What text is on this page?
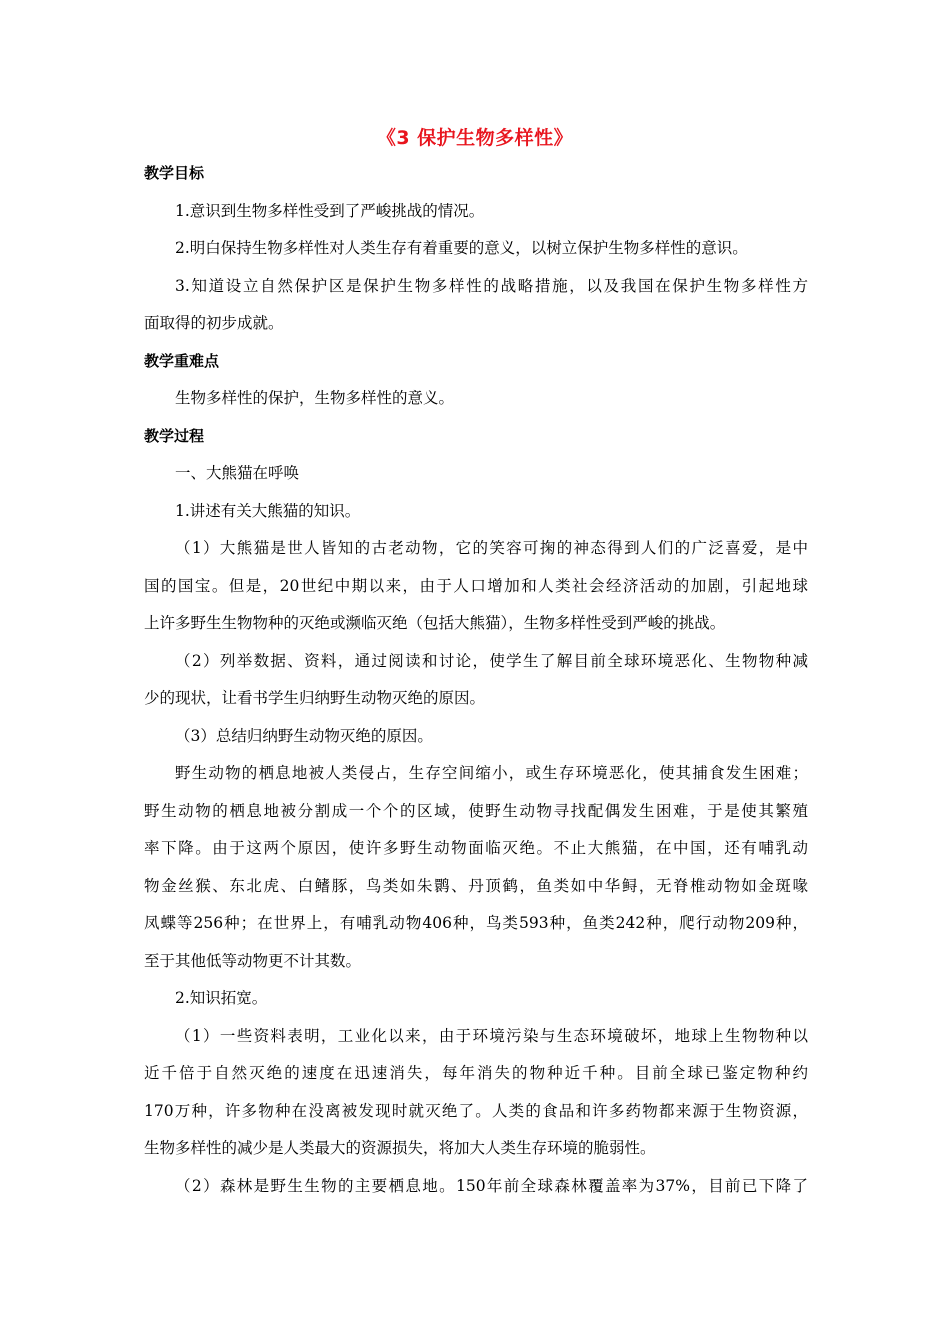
《3 保护生物多样性》
教学目标
1.意识到生物多样性受到了严峻挑战的情况。
2.明白保持生物多样性对人类生存有着重要的意义，以树立保护生物多样性的意识。
3.知道设立自然保护区是保护生物多样性的战略措施，以及我国在保护生物多样性方
面取得的初步成就。
教学重难点
生物多样性的保护，生物多样性的意义。
教学过程
一、大熊猫在呼唤
1.讲述有关大熊猫的知识。
（1）大熊猫是世人皆知的古老动物，它的笑容可掬的神态得到人们的广泛喜爱，是中
国的国宝。但是，20世纪中期以来，由于人口增加和人类社会经济活动的加剧，引起地球
上许多野生生物物种的灭绝或濒临灭绝（包括大熊猫），生物多样性受到严峻的挑战。
（2）列举数据、资料，通过阅读和讨论，使学生了解目前全球环境恶化、生物物种减
少的现状，让看书学生归纳野生动物灭绝的原因。
（3）总结归纳野生动物灭绝的原因。
野生动物的栖息地被人类侵占，生存空间缩小，或生存环境恶化，使其捕食发生困难；
野生动物的栖息地被分割成一个个的区域，使野生动物寻找配偶发生困难，于是使其繁殖
率下降。由于这两个原因，使许多野生动物面临灭绝。不止大熊猫，在中国，还有哺乳动
物金丝猴、东北虎、白鳍豚，鸟类如朱鹮、丹顶鹤，鱼类如中华鲟，无脊椎动物如金斑喙
凤蝶等256种；在世界上，有哺乳动物406种，鸟类593种，鱼类242种，爬行动物209种，
至于其他低等动物更不计其数。
2.知识拓宽。
（1）一些资料表明，工业化以来，由于环境污染与生态环境破坏，地球上生物物种以
近千倍于自然灭绝的速度在迅速消失，每年消失的物种近千种。目前全球已鉴定物种约
170万种，许多物种在没离被发现时就灭绝了。人类的食品和许多药物都来源于生物资源，
生物多样性的减少是人类最大的资源损失，将加大人类生存环境的脆弱性。
（2）森林是野生生物的主要栖息地。150年前全球森林覆盖率为37%，目前已下降了
